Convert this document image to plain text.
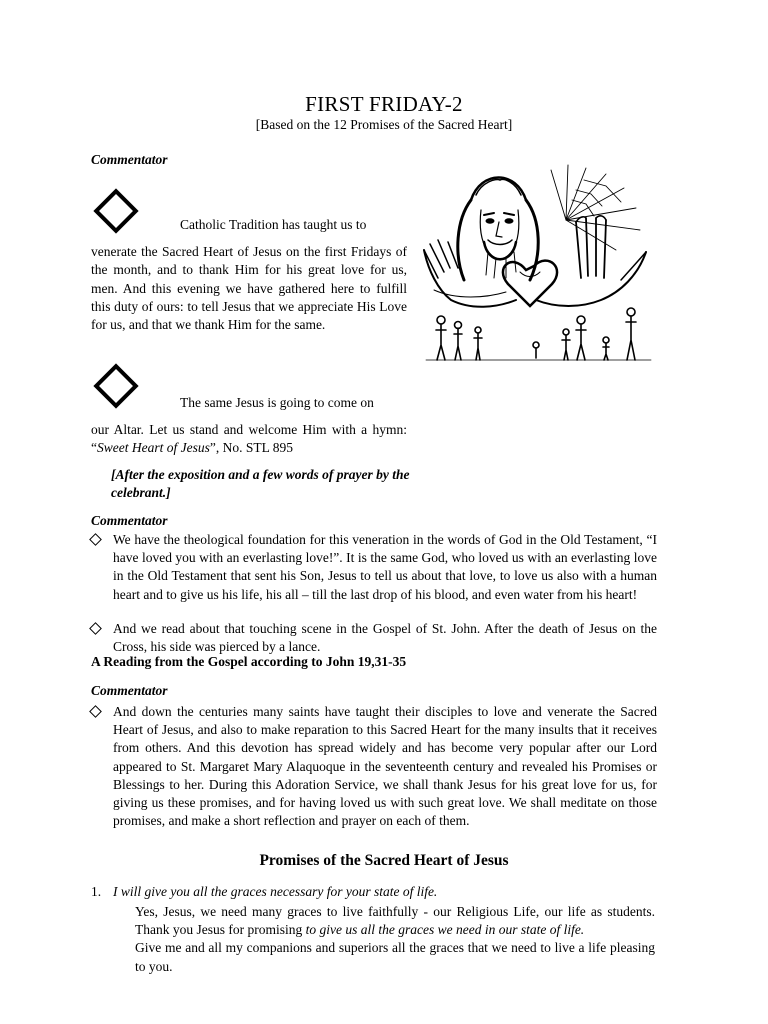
FIRST FRIDAY-2
[Based on the 12 Promises of the Sacred Heart]
Commentator
Catholic Tradition has taught us to
venerate the Sacred Heart of Jesus on the first Fridays of the month, and to thank Him for his great love for us, men. And this evening we have gathered here to fulfill this duty of ours: to tell Jesus that we appreciate His Love for us, and that we thank Him for the same.
The same Jesus is going to come on
our Altar. Let us stand and welcome Him with a hymn: “Sweet Heart of Jesus”, No. STL 895
[After the exposition and a few words of prayer by the celebrant.]
Commentator
We have the theological foundation for this veneration in the words of God in the Old Testament, “I have loved you with an everlasting love!”. It is the same God, who loved us with an everlasting love in the Old Testament that sent his Son, Jesus to tell us about that love, to love us also with a human heart and to give us his life, his all – till the last drop of his blood, and even water from his heart!
And we read about that touching scene in the Gospel of St. John. After the death of Jesus on the Cross, his side was pierced by a lance.
A Reading from the Gospel according to John 19,31-35
Commentator
And down the centuries many saints have taught their disciples to love and venerate the Sacred Heart of Jesus, and also to make reparation to this Sacred Heart for the many insults that it receives from others. And this devotion has spread widely and has become very popular after our Lord appeared to St. Margaret Mary Alaquoque in the seventeenth century and revealed his Promises or Blessings to her. During this Adoration Service, we shall thank Jesus for his great love for us, for giving us these promises, and for having loved us with such great love. We shall meditate on those promises, and make a short reflection and prayer on each of them.
Promises of the Sacred Heart of Jesus
1. I will give you all the graces necessary for your state of life.
Yes, Jesus, we need many graces to live faithfully - our Religious Life, our life as students. Thank you Jesus for promising to give us all the graces we need in our state of life.
Give me and all my companions and superiors all the graces that we need to live a life pleasing to you.
